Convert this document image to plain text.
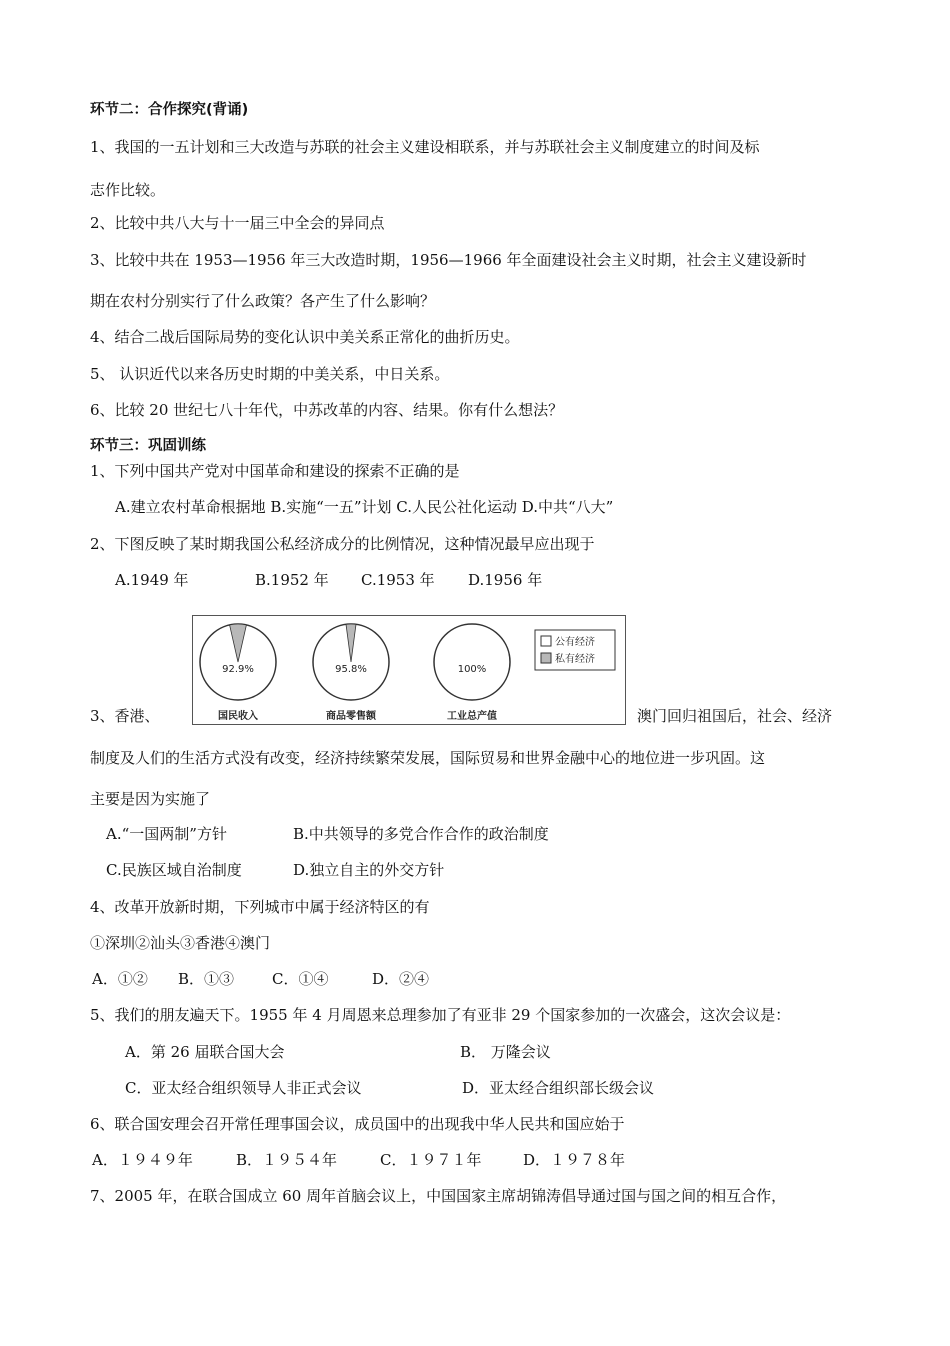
环节二：合作探究(背诵)
1、我国的一五计划和三大改造与苏联的社会主义建设相联系，并与苏联社会主义制度建立的时间及标
志作比较。
2、比较中共八大与十一届三中全会的异同点
3、比较中共在 1953—1956 年三大改造时期，1956—1966 年全面建设社会主义时期，社会主义建设新时
期在农村分别实行了什么政策？各产生了什么影响？
4、结合二战后国际局势的变化认识中美关系正常化的曲折历史。
5、 认识近代以来各历史时期的中美关系，中日关系。
6、比较 20 世纪七八十年代，中苏改革的内容、结果。你有什么想法？
环节三：巩固训练
1、下列中国共产党对中国革命和建设的探索不正确的是
A.建立农村革命根据地 B.实施“一五”计划 C.人民公社化运动 D.中共“八大”
2、下图反映了某时期我国公私经济成分的比例情况，这种情况最早应出现于
A.1949 年	B.1952 年 C.1953 年 D.1956 年
92.9%
国民收入
95.8%
商品零售额
100%
工业总产值
公有经济
私有经济
3、香港、	澳门回归祖国后，社会、经济
制度及人们的生活方式没有改变，经济持续繁荣发展，国际贸易和世界金融中心的地位进一步巩固。这
主要是因为实施了
A.“一国两制”方针	B.中共领导的多党合作合作的政治制度
C.民族区域自治制度	D.独立自主的外交方针
4、改革开放新时期，下列城市中属于经济特区的有
①深圳②汕头③香港④澳门
A．①② B．①③	C．①④	D．②④
5、我们的朋友遍天下。1955 年 4 月周恩来总理参加了有亚非 29 个国家参加的一次盛会，这次会议是：
A．第 26 届联合国大会	B． 万隆会议
C．亚太经合组织领导人非正式会议	D．亚太经合组织部长级会议
6、联合国安理会召开常任理事国会议，成员国中的出现我中华人民共和国应始于
A．１９４９年	B．１９５４年	C．１９７１年	D．１９７８年
7、2005 年，在联合国成立 60 周年首脑会议上，中国国家主席胡锦涛倡导通过国与国之间的相互合作，
